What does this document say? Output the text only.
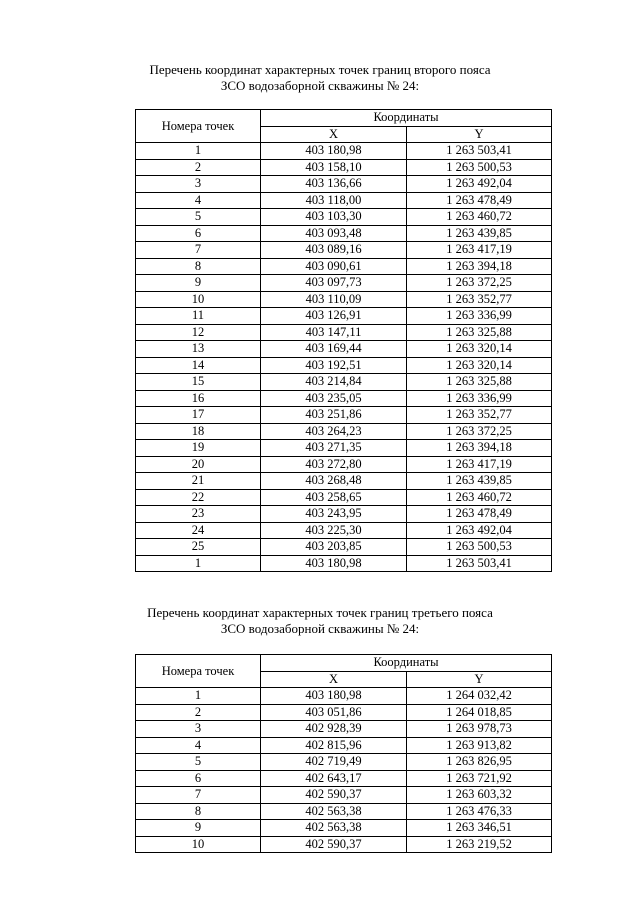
Перечень координат характерных точек границ второго пояса
ЗСО водозаборной скважины № 24:
Номера точек	Координаты	
	X	Y
1	403 180,98	1 263 503,41
2	403 158,10	1 263 500,53
3	403 136,66	1 263 492,04
4	403 118,00	1 263 478,49
5	403 103,30	1 263 460,72
6	403 093,48	1 263 439,85
7	403 089,16	1 263 417,19
8	403 090,61	1 263 394,18
9	403 097,73	1 263 372,25
10	403 110,09	1 263 352,77
11	403 126,91	1 263 336,99
12	403 147,11	1 263 325,88
13	403 169,44	1 263 320,14
14	403 192,51	1 263 320,14
15	403 214,84	1 263 325,88
16	403 235,05	1 263 336,99
17	403 251,86	1 263 352,77
18	403 264,23	1 263 372,25
19	403 271,35	1 263 394,18
20	403 272,80	1 263 417,19
21	403 268,48	1 263 439,85
22	403 258,65	1 263 460,72
23	403 243,95	1 263 478,49
24	403 225,30	1 263 492,04
25	403 203,85	1 263 500,53
1	403 180,98	1 263 503,41
Перечень координат характерных точек границ третьего пояса
ЗСО водозаборной скважины № 24:
Номера точек	Координаты	
	X	Y
1	403 180,98	1 264 032,42
2	403 051,86	1 264 018,85
3	402 928,39	1 263 978,73
4	402 815,96	1 263 913,82
5	402 719,49	1 263 826,95
6	402 643,17	1 263 721,92
7	402 590,37	1 263 603,32
8	402 563,38	1 263 476,33
9	402 563,38	1 263 346,51
10	402 590,37	1 263 219,52
